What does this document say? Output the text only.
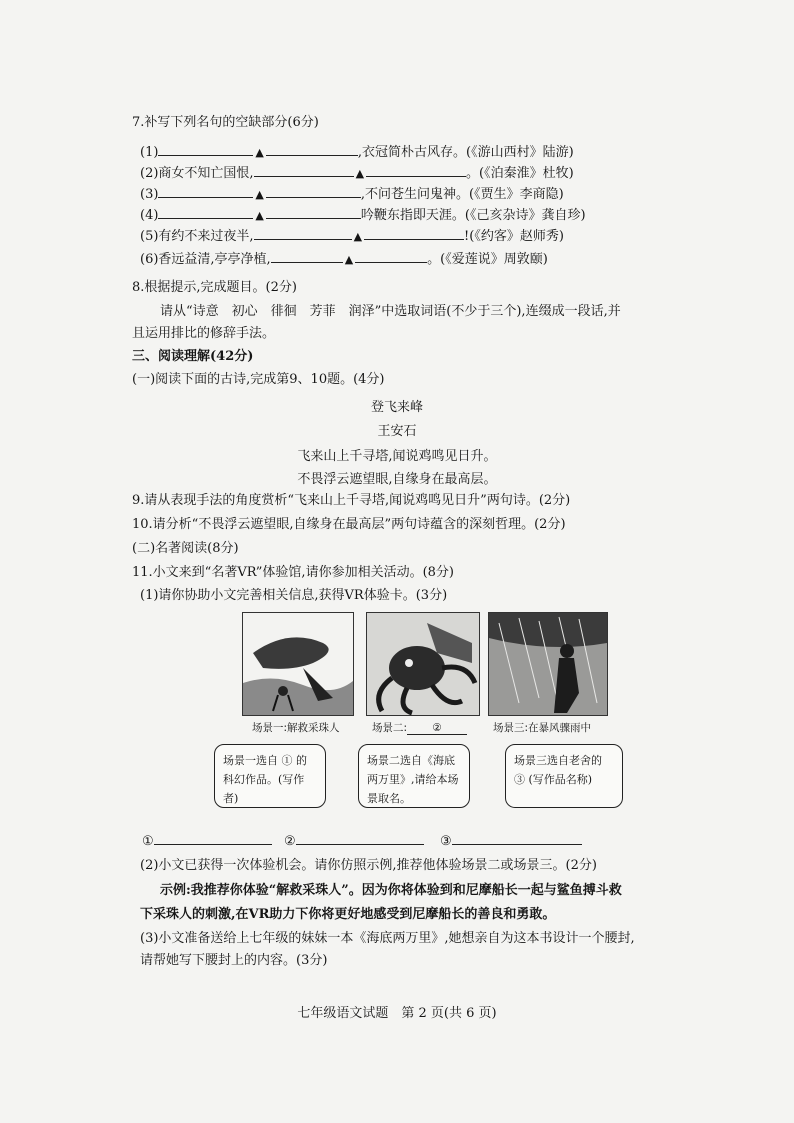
7.补写下列名句的空缺部分(6分)
(1)	▲	,衣冠简朴古风存。(《游山西村》陆游)
(2)商女不知亡国恨,	▲	。(《泊秦淮》杜牧)
(3)	▲	,不问苍生问鬼神。(《贾生》李商隐)
(4)	▲	吟鞭东指即天涯。(《己亥杂诗》龚自珍)
(5)有约不来过夜半,	▲	!(《约客》赵师秀)
(6)香远益清,亭亭净植,	▲	。(《爱莲说》周敦颐)
8.根据提示,完成题目。(2分)
请从“诗意　初心　徘徊　芳菲　润泽”中选取词语(不少于三个),连缀成一段话,并
且运用排比的修辞手法。
三、阅读理解(42分)
(一)阅读下面的古诗,完成第9、10题。(4分)
登飞来峰
王安石
飞来山上千寻塔,闻说鸡鸣见日升。
不畏浮云遮望眼,自缘身在最高层。
9.请从表现手法的角度赏析“飞来山上千寻塔,闻说鸡鸣见日升”两句诗。(2分)
10.请分析“不畏浮云遮望眼,自缘身在最高层”两句诗蕴含的深刻哲理。(2分)
(二)名著阅读(8分)
11.小文来到“名著VR”体验馆,请你参加相关活动。(8分)
(1)请你协助小文完善相关信息,获得VR体验卡。(3分)
场景一:解救采珠人	场景二: ②	场景三:在暴风骤雨中
场景一选自 ① 的科幻作品。(写作者)
场景二选自《海底两万里》,请给本场景取名。
场景三选自老舍的 ③ (写作品名称)
①	②	③
(2)小文已获得一次体验机会。请你仿照示例,推荐他体验场景二或场景三。(2分)
示例:我推荐你体验“解救采珠人”。因为你将体验到和尼摩船长一起与鲨鱼搏斗救
下采珠人的刺激,在VR助力下你将更好地感受到尼摩船长的善良和勇敢。
(3)小文准备送给上七年级的妹妹一本《海底两万里》,她想亲自为这本书设计一个腰封,
请帮她写下腰封上的内容。(3分)
七年级语文试题　第 2 页(共 6 页)
